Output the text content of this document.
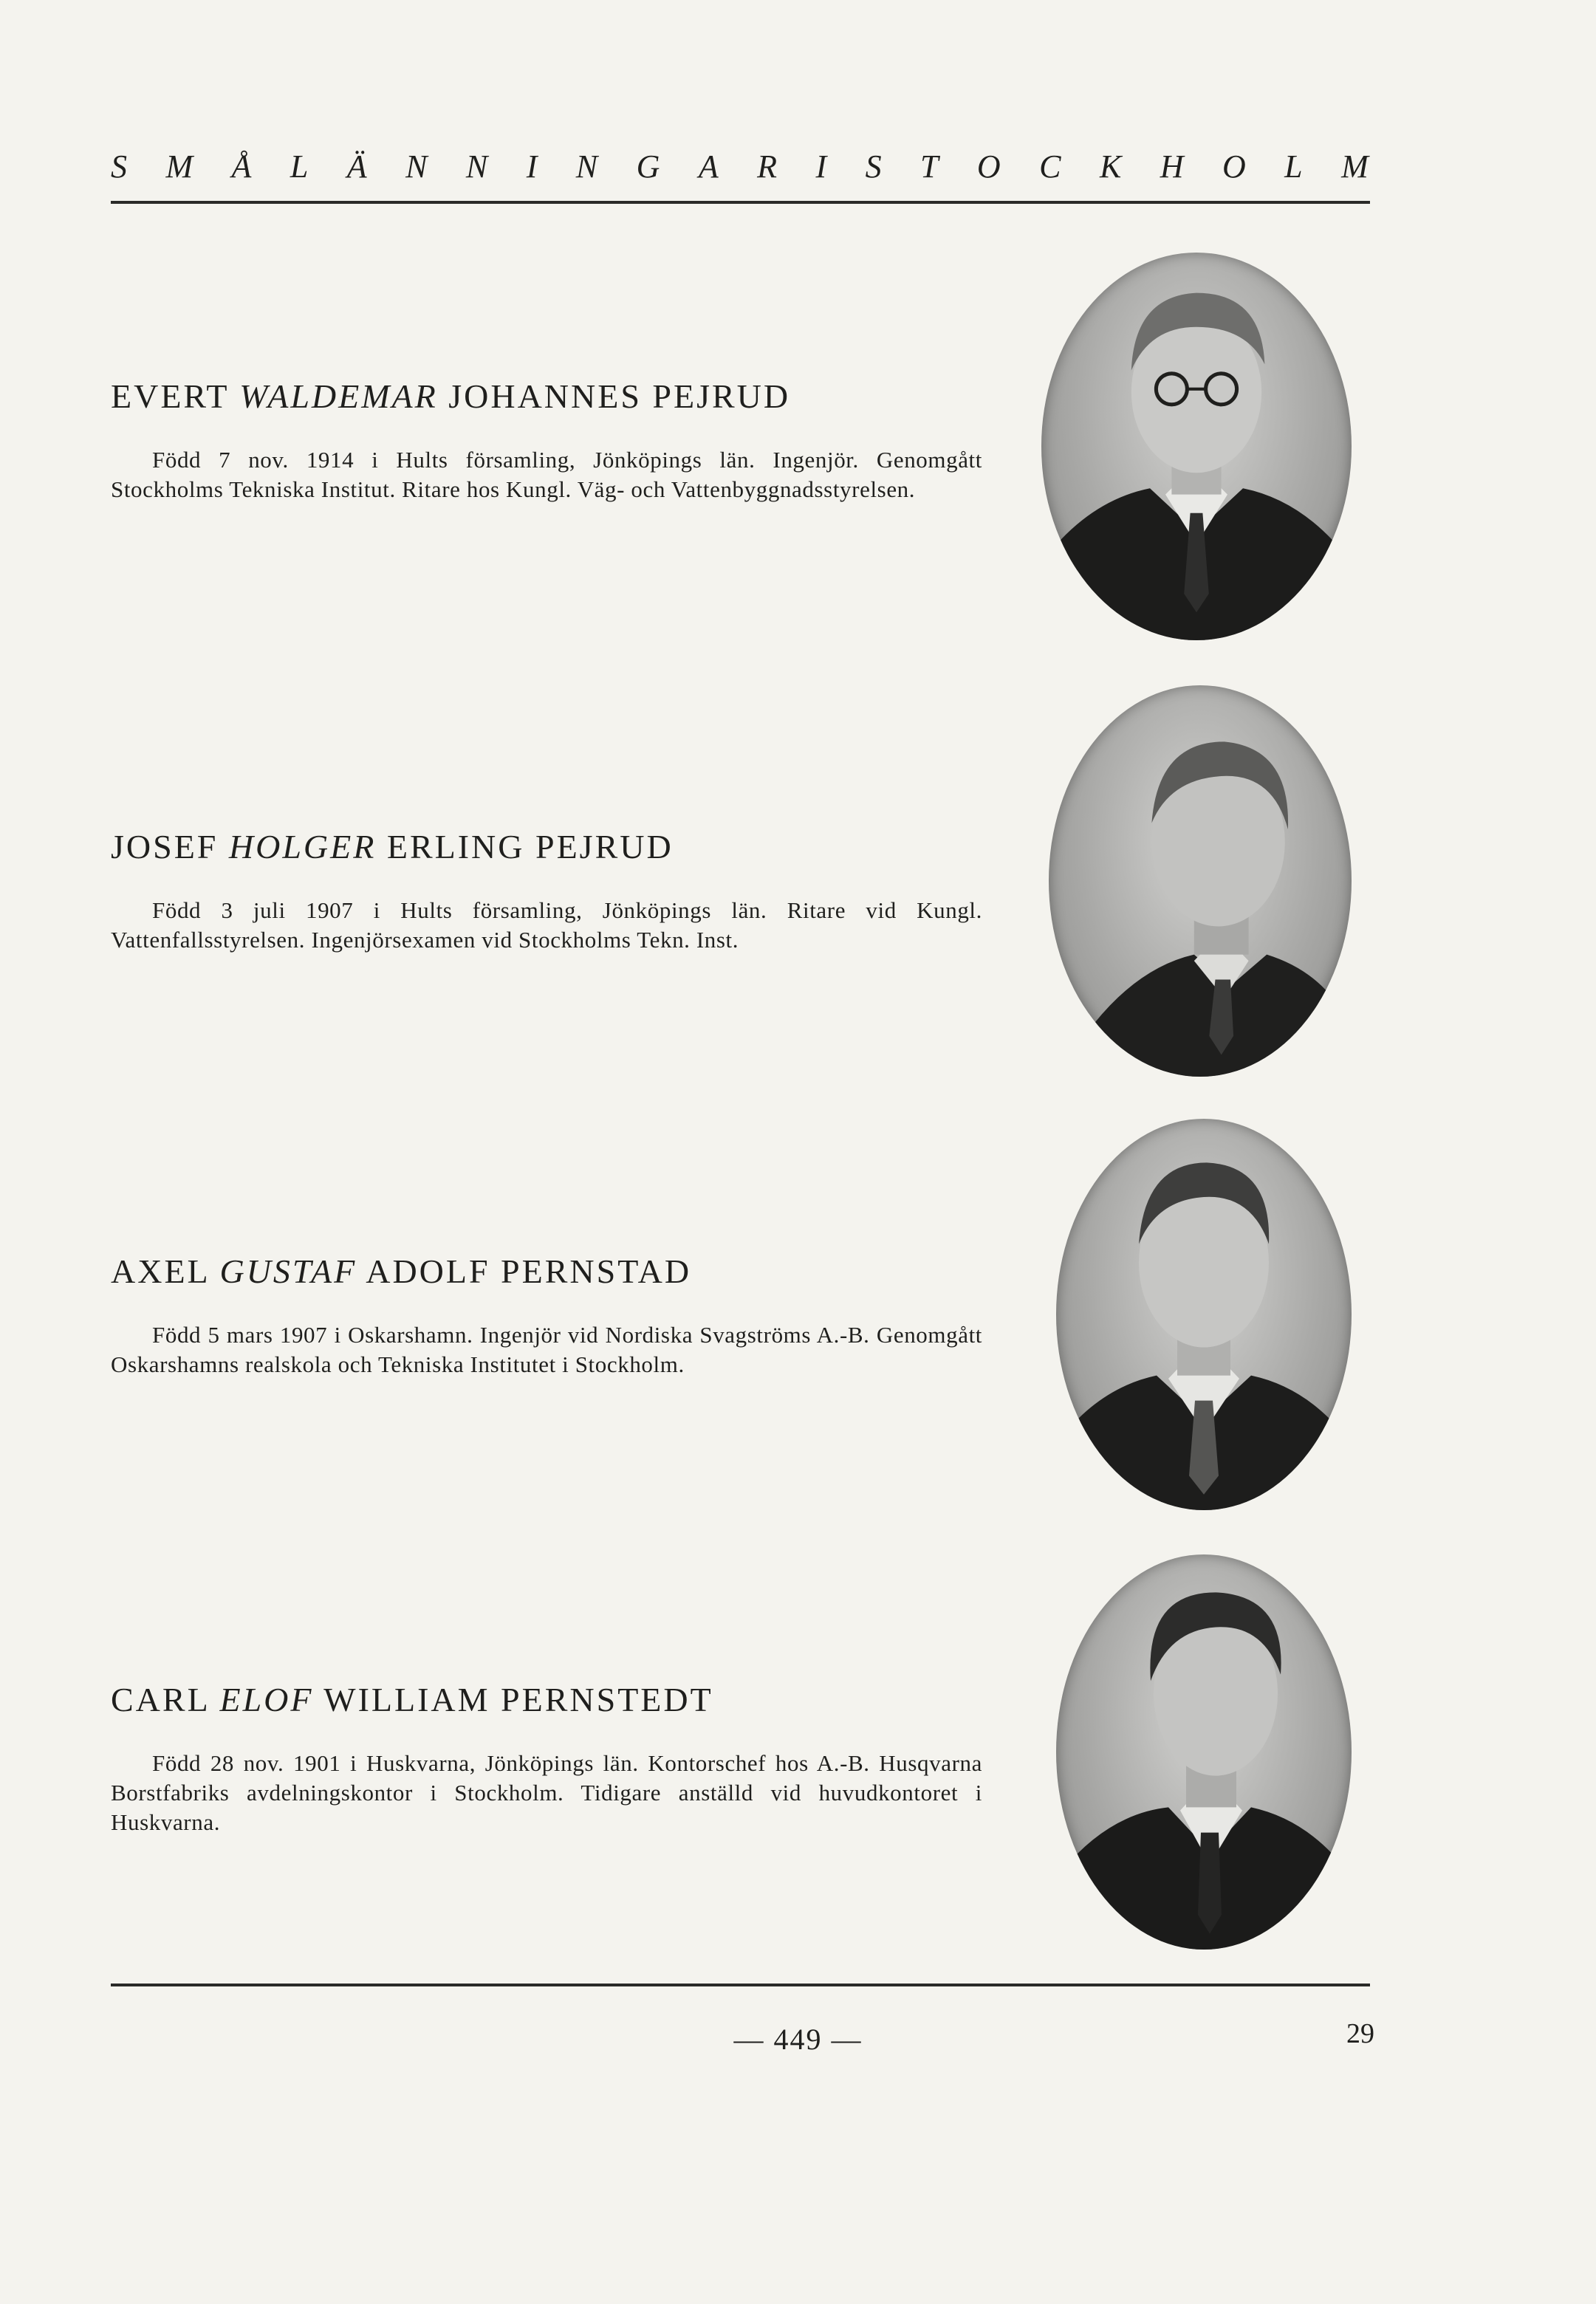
S M Å L Ä N N I N G A R I S T O C K H O L M
EVERT WALDEMAR JOHANNES PEJRUD

Född 7 nov. 1914 i Hults församling, Jönköpings län. Ingenjör. Genomgått Stockholms Tekniska Institut. Ritare hos Kungl. Väg- och Vattenbyggnadsstyrelsen.

JOSEF HOLGER ERLING PEJRUD

Född 3 juli 1907 i Hults församling, Jönköpings län. Ritare vid Kungl. Vattenfallsstyrelsen. Ingenjörsexamen vid Stockholms Tekn. Inst.

AXEL GUSTAF ADOLF PERNSTAD

Född 5 mars 1907 i Oskarshamn. Ingenjör vid Nordiska Svagströms A.-B. Genomgått Oskarshamns realskola och Tekniska Institutet i Stockholm.

CARL ELOF WILLIAM PERNSTEDT

Född 28 nov. 1901 i Huskvarna, Jönköpings län. Kontorschef hos A.-B. Husqvarna Borstfabriks avdelningskontor i Stockholm. Tidigare anställd vid huvudkontoret i Huskvarna.

— 449 —	29
